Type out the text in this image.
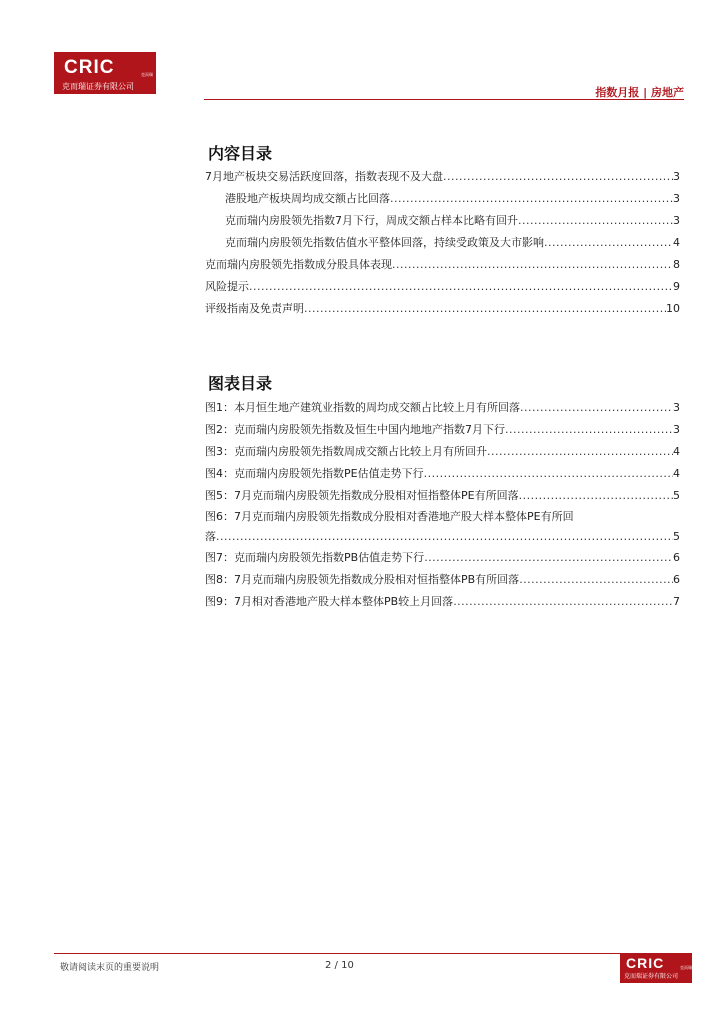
CRIC	克而瑞
克而瑞证券有限公司	指数月报 | 房地产
内容目录
7月地产板块交易活跃度回落，指数表现不及大盘 .....	3
港股地产板块周均成交额占比回落 .....	3
克而瑞内房股领先指数7月下行，周成交额占样本比略有回升 .....	3
克而瑞内房股领先指数估值水平整体回落，持续受政策及大市影响 .....	4
克而瑞内房股领先指数成分股具体表现 .....	8
风险提示 .....	9
评级指南及免责声明 .....	10
图表目录
图1：本月恒生地产建筑业指数的周均成交额占比较上月有所回落 .....	3
图2：克而瑞内房股领先指数及恒生中国内地地产指数7月下行 .....	3
图3：克而瑞内房股领先指数周成交额占比较上月有所回升 .....	4
图4：克而瑞内房股领先指数PE估值走势下行 .....	4
图5：7月克而瑞内房股领先指数成分股相对恒指整体PE有所回落 .....	5
图6：7月克而瑞内房股领先指数成分股相对香港地产股大样本整体PE有所回
落 .....	5
图7：克而瑞内房股领先指数PB估值走势下行 .....	6
图8：7月克而瑞内房股领先指数成分股相对恒指整体PB有所回落 .....	6
图9：7月相对香港地产股大样本整体PB较上月回落 .....	7
敬请阅读末页的重要说明	2 / 10	CRIC	克而瑞
克而瑞证券有限公司
